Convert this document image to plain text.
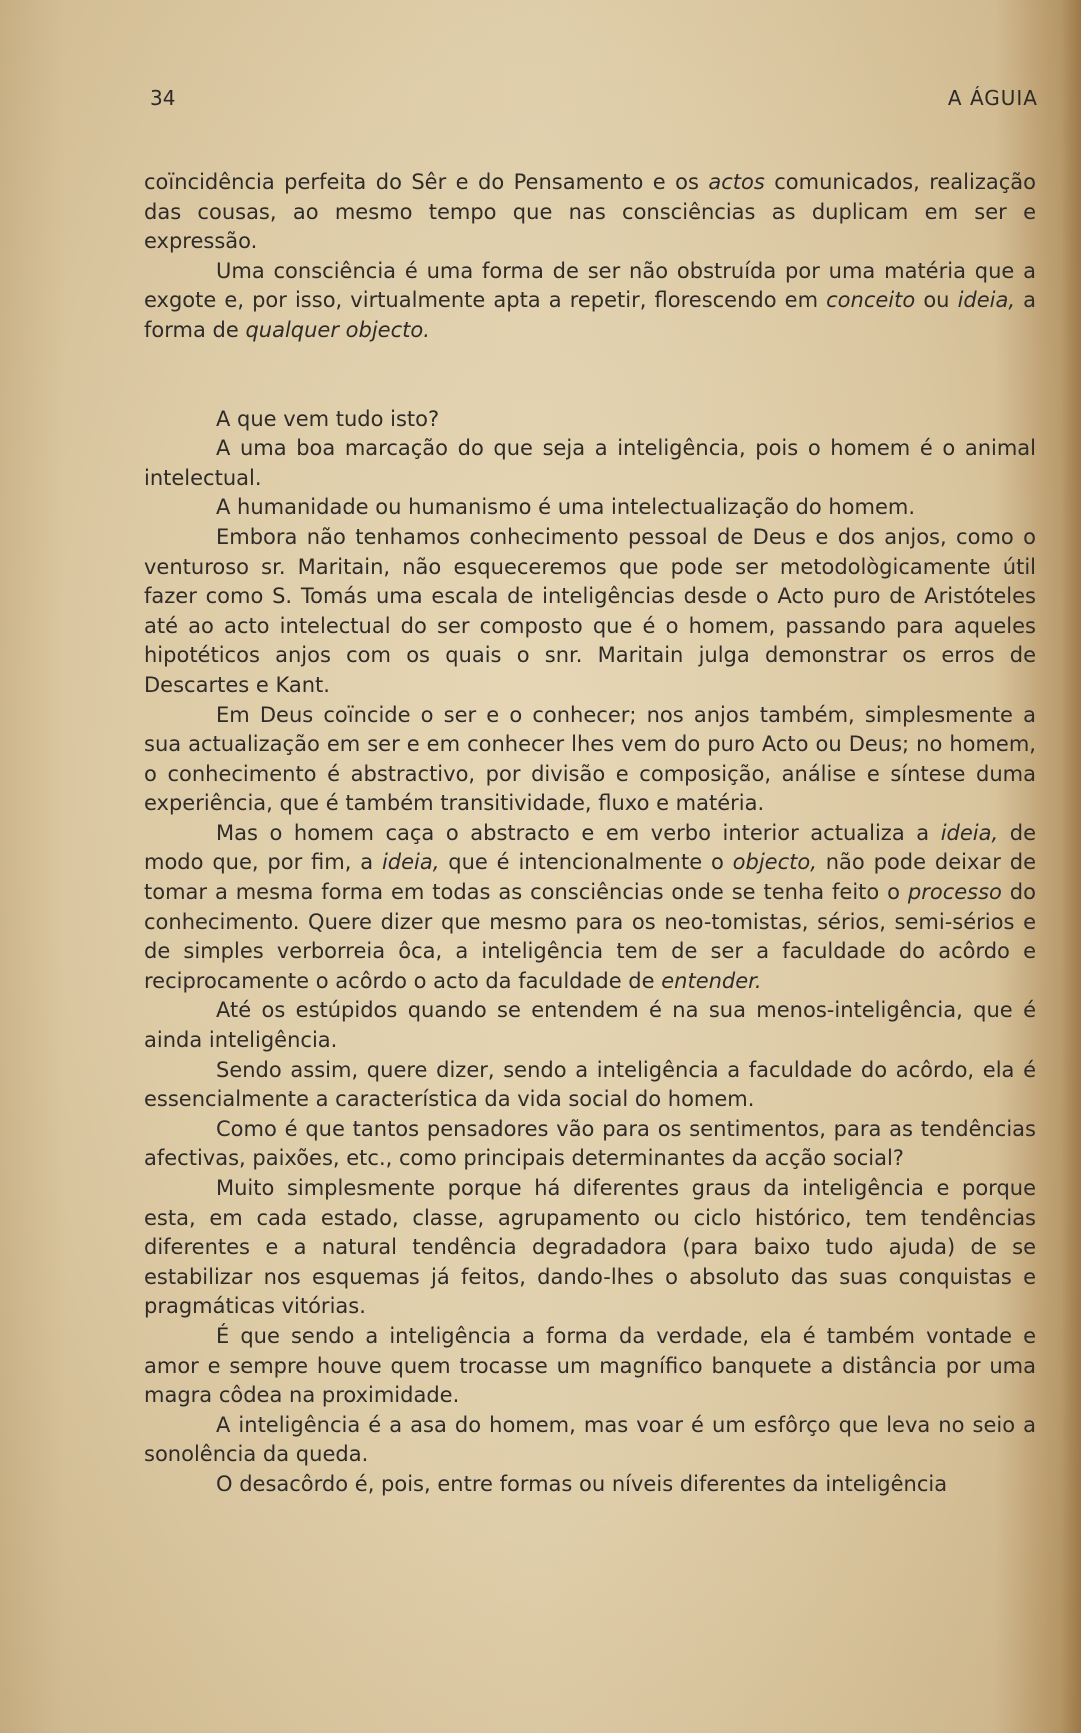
34	A ÁGUIA

coïncidência perfeita do Sêr e do Pensamento e os actos comunicados, realização das cousas, ao mesmo tempo que nas consciências as duplicam em ser e expressão.

Uma consciência é uma forma de ser não obstruída por uma matéria que a exgote e, por isso, virtualmente apta a repetir, florescendo em conceito ou ideia, a forma de qualquer objecto.

A que vem tudo isto?

A uma boa marcação do que seja a inteligência, pois o homem é o animal intelectual.

A humanidade ou humanismo é uma intelectualização do homem.

Embora não tenhamos conhecimento pessoal de Deus e dos anjos, como o venturoso sr. Maritain, não esqueceremos que pode ser metodològicamente útil fazer como S. Tomás uma escala de inteligências desde o Acto puro de Aristóteles até ao acto intelectual do ser composto que é o homem, passando para aqueles hipotéticos anjos com os quais o snr. Maritain julga demonstrar os erros de Descartes e Kant.

Em Deus coïncide o ser e o conhecer; nos anjos também, simplesmente a sua actualização em ser e em conhecer lhes vem do puro Acto ou Deus; no homem, o conhecimento é abstractivo, por divisão e composição, análise e síntese duma experiência, que é também transitividade, fluxo e matéria.

Mas o homem caça o abstracto e em verbo interior actualiza a ideia, de modo que, por fim, a ideia, que é intencionalmente o objecto, não pode deixar de tomar a mesma forma em todas as consciências onde se tenha feito o processo do conhecimento. Quere dizer que mesmo para os neo-tomistas, sérios, semi-sérios e de simples verborreia ôca, a inteligência tem de ser a faculdade do acôrdo e reciprocamente o acôrdo o acto da faculdade de entender.

Até os estúpidos quando se entendem é na sua menos-inteligência, que é ainda inteligência.

Sendo assim, quere dizer, sendo a inteligência a faculdade do acôrdo, ela é essencialmente a característica da vida social do homem.

Como é que tantos pensadores vão para os sentimentos, para as tendências afectivas, paixões, etc., como principais determinantes da acção social?

Muito simplesmente porque há diferentes graus da inteligência e porque esta, em cada estado, classe, agrupamento ou ciclo histórico, tem tendências diferentes e a natural tendência degradadora (para baixo tudo ajuda) de se estabilizar nos esquemas já feitos, dando-lhes o absoluto das suas conquistas e pragmáticas vitórias.

É que sendo a inteligência a forma da verdade, ela é também vontade e amor e sempre houve quem trocasse um magnífico banquete a distância por uma magra côdea na proximidade.

A inteligência é a asa do homem, mas voar é um esfôrço que leva no seio a sonolência da queda.

O desacôrdo é, pois, entre formas ou níveis diferentes da inteligência
